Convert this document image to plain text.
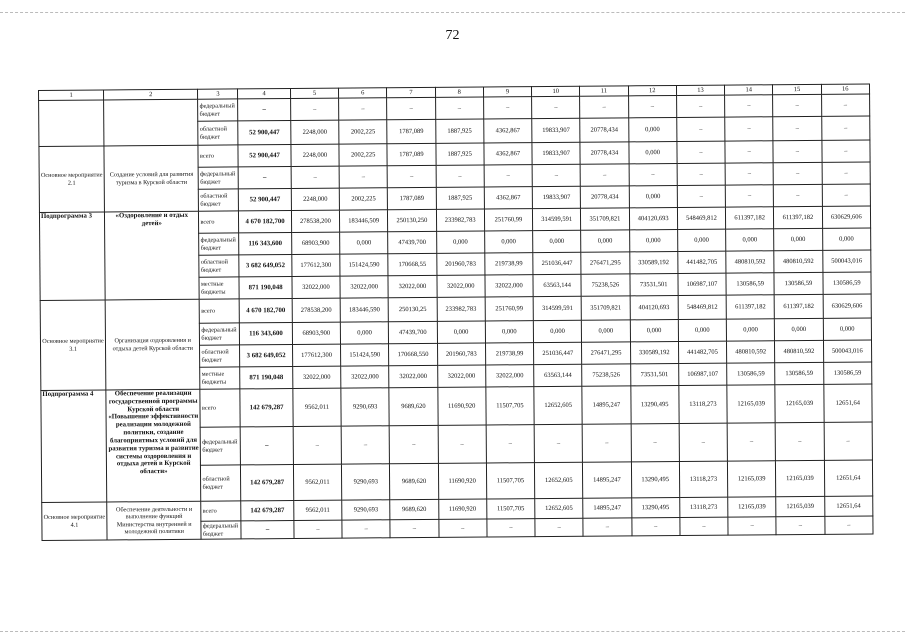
72
1	2	3	4	5	6	7	8	9	10	11	12	13	14	15	16
		федеральный бюджет	–	–	–	–	–	–	–	–	–	–	–	–	–
		областной бюджет	52 900,447	2248,000	2002,225	1787,089	1887,925	4362,867	19833,907	20778,434	0,000	–	–	–	–
Основное мероприятие 2.1	Создание условий для развития туризма в Курской области	всего	52 900,447	2248,000	2002,225	1787,089	1887,925	4362,867	19833,907	20778,434	0,000	–	–	–	–
		федеральный бюджет	–	–	–	–	–	–	–	–	–	–	–	–	–
		областной бюджет	52 900,447	2248,000	2002,225	1787,089	1887,925	4362,867	19833,907	20778,434	0,000	–	–	–	–
Подпрограмма 3	«Оздоровление и отдых детей»	всего	4 670 182,700	278538,200	183446,509	250130,250	233982,783	251760,99	314599,591	351709,821	404120,693	548469,812	611397,182	611397,182	630629,606
		федеральный бюджет	116 343,600	68903,900	0,000	47439,700	0,000	0,000	0,000	0,000	0,000	0,000	0,000	0,000	0,000
		областной бюджет	3 682 649,052	177612,300	151424,590	170668,55	201960,783	219738,99	251036,447	276471,295	330589,192	441482,705	480810,592	480810,592	500043,016
		местные бюджеты	871 190,048	32022,000	32022,000	32022,000	32022,000	32022,000	63563,144	75238,526	73531,501	106987,107	130586,59	130586,59	130586,59
Основное мероприятие 3.1	Организация оздоровления и отдыха детей Курской области	всего	4 670 182,700	278538,200	183446,590	250130,25	233982,783	251760,99	314599,591	351709,821	404120,693	548469,812	611397,182	611397,182	630629,606
		федеральный бюджет	116 343,600	68903,900	0,000	47439,700	0,000	0,000	0,000	0,000	0,000	0,000	0,000	0,000	0,000
		областной бюджет	3 682 649,052	177612,300	151424,590	170668,550	201960,783	219738,99	251036,447	276471,295	330589,192	441482,705	480810,592	480810,592	500043,016
		местные бюджеты	871 190,048	32022,000	32022,000	32022,000	32022,000	32022,000	63563,144	75238,526	73531,501	106987,107	130586,59	130586,59	130586,59
Подпрограмма 4	Обеспечение реализации государственной программы Курской области «Повышение эффективности реализации молодежной политики, создание благоприятных условий для развития туризма и развитие системы оздоровления и отдыха детей в Курской области»	всего	142 679,287	9562,011	9290,693	9689,620	11690,920	11507,705	12652,605	14895,247	13290,495	13118,273	12165,039	12165,039	12651,64
		федеральный бюджет	–	–	–	–	–	–	–	–	–	–	–	–	–
		областной бюджет	142 679,287	9562,011	9290,693	9689,620	11690,920	11507,705	12652,605	14895,247	13290,495	13118,273	12165,039	12165,039	12651,64
Основное мероприятие 4.1	Обеспечение деятельности и выполнение функций Министерства внутренней и молодежной политики	всего	142 679,287	9562,011	9290,693	9689,620	11690,920	11507,705	12652,605	14895,247	13290,495	13118,273	12165,039	12165,039	12651,64
		федеральный бюджет	–	–	–	–	–	–	–	–	–	–	–	–	–
